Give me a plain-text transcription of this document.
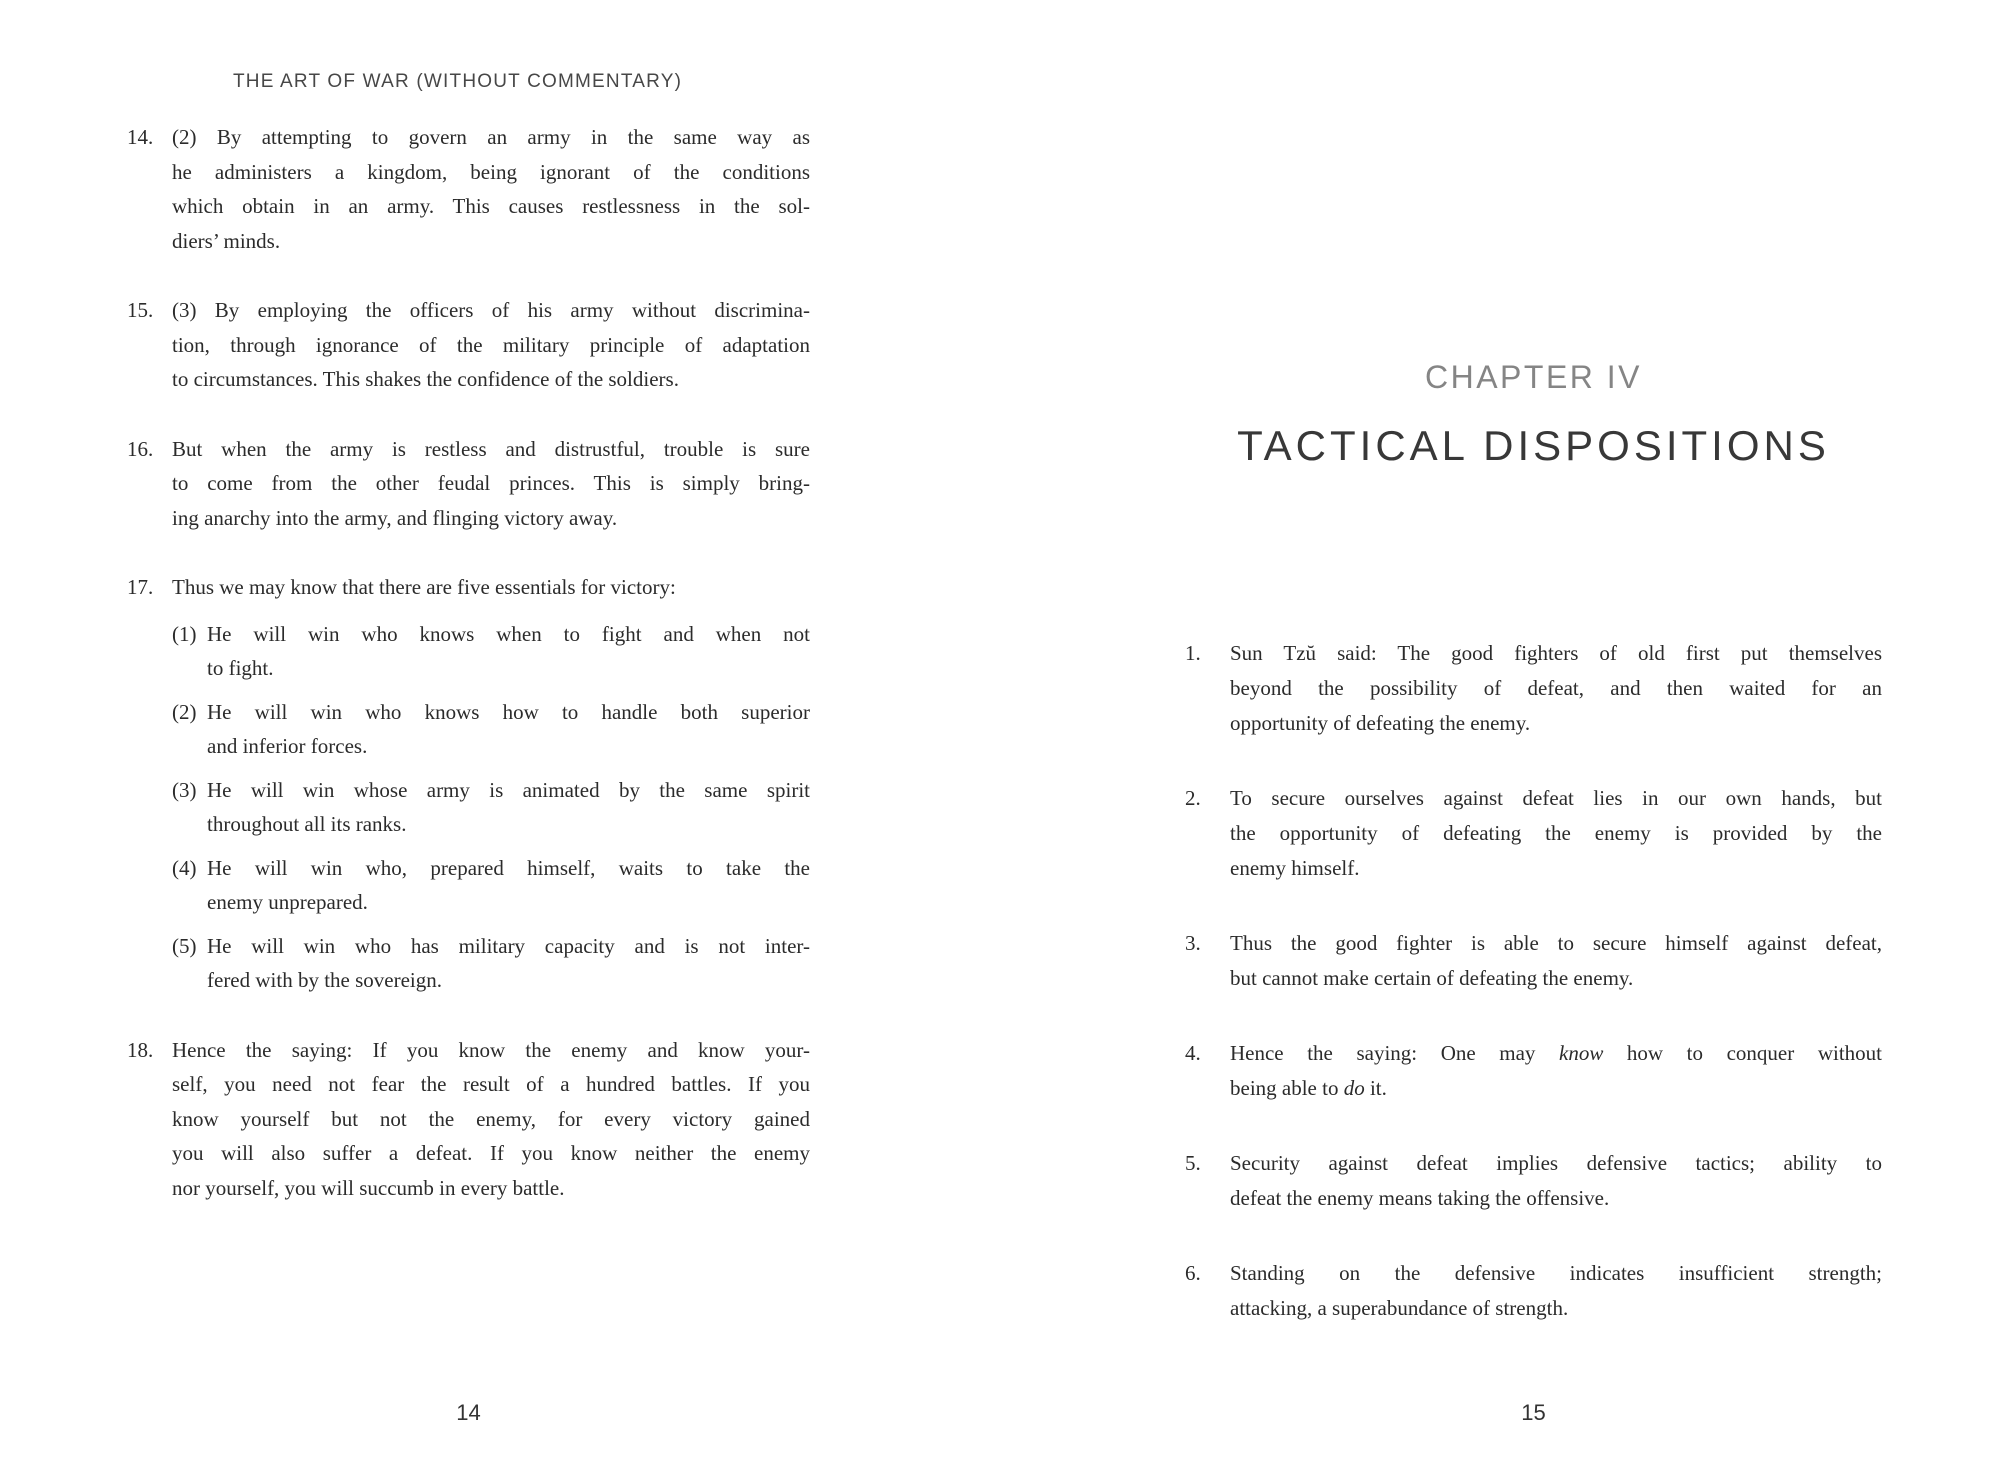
THE ART OF WAR (WITHOUT COMMENTARY)
14. (2) By attempting to govern an army in the same way as
he administers a kingdom, being ignorant of the conditions
which obtain in an army. This causes restlessness in the sol-
diers’ minds.
15. (3) By employing the officers of his army without discrimina-
tion, through ignorance of the military principle of adaptation
to circumstances. This shakes the confidence of the soldiers.
16. But when the army is restless and distrustful, trouble is sure
to come from the other feudal princes. This is simply bring-
ing anarchy into the army, and flinging victory away.
17. Thus we may know that there are five essentials for victory:
(1) He will win who knows when to fight and when not
to fight.
(2) He will win who knows how to handle both superior
and inferior forces.
(3) He will win whose army is animated by the same spirit
throughout all its ranks.
(4) He will win who, prepared himself, waits to take the
enemy unprepared.
(5) He will win who has military capacity and is not inter-
fered with by the sovereign.
18. Hence the saying: If you know the enemy and know your-
self, you need not fear the result of a hundred battles. If you
know yourself but not the enemy, for every victory gained
you will also suffer a defeat. If you know neither the enemy
nor yourself, you will succumb in every battle.
14
CHAPTER IV
TACTICAL DISPOSITIONS
1.	Sun Tzŭ said: The good fighters of old first put themselves
beyond the possibility of defeat, and then waited for an
opportunity of defeating the enemy.
2.	To secure ourselves against defeat lies in our own hands, but
the opportunity of defeating the enemy is provided by the
enemy himself.
3.	Thus the good fighter is able to secure himself against defeat,
but cannot make certain of defeating the enemy.
4.	Hence the saying: One may know how to conquer without
being able to do it.
5.	Security against defeat implies defensive tactics; ability to
defeat the enemy means taking the offensive.
6.	Standing on the defensive indicates insufficient strength;
attacking, a superabundance of strength.
15
